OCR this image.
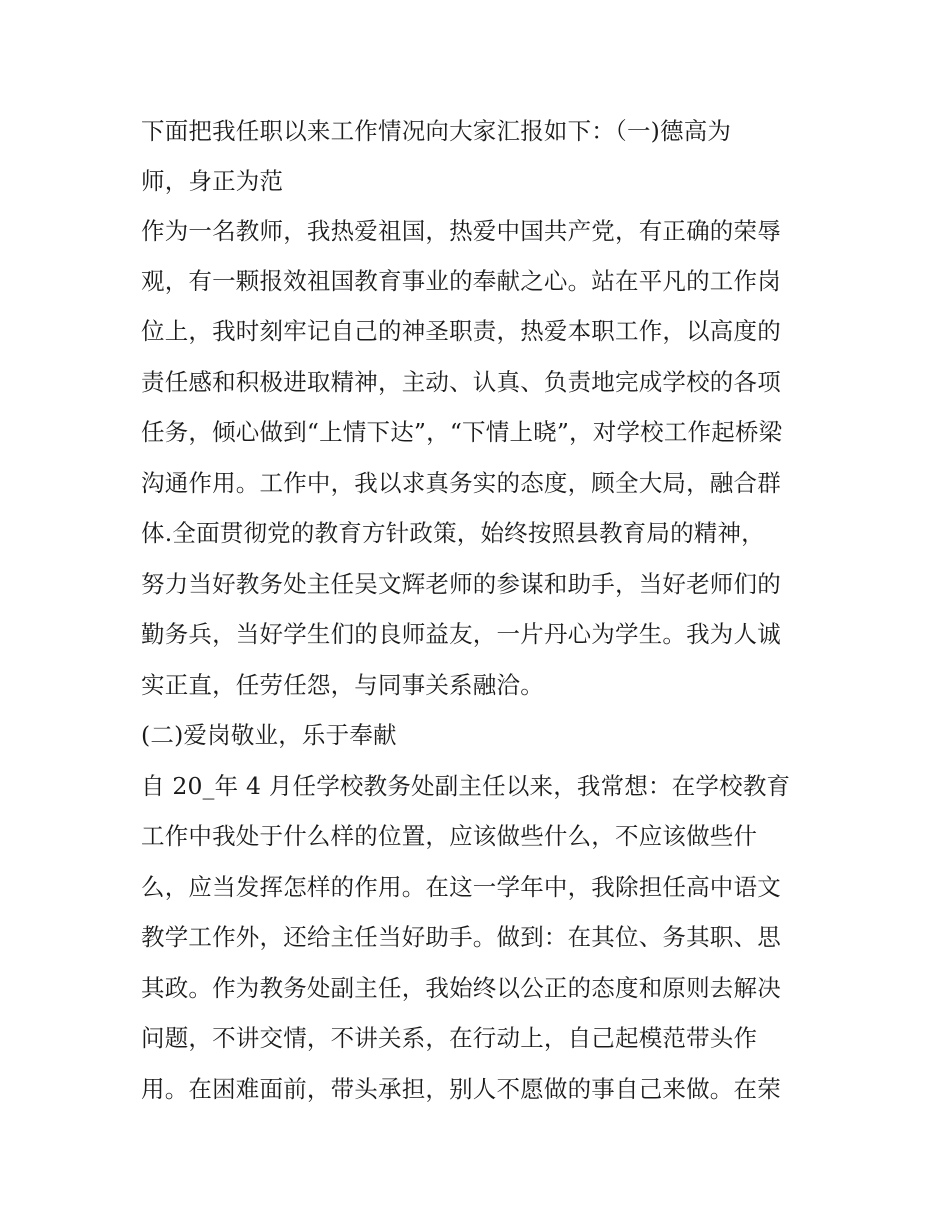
下面把我任职以来工作情况向大家汇报如下：（一)德高为
师，身正为范
作为一名教师，我热爱祖国，热爱中国共产党，有正确的荣辱
观，有一颗报效祖国教育事业的奉献之心。站在平凡的工作岗
位上，我时刻牢记自己的神圣职责，热爱本职工作，以高度的
责任感和积极进取精神，主动、认真、负责地完成学校的各项
任务，倾心做到“上情下达”，“下情上晓”，对学校工作起桥梁
沟通作用。工作中，我以求真务实的态度，顾全大局，融合群
体.全面贯彻党的教育方针政策，始终按照县教育局的精神，
努力当好教务处主任吴文辉老师的参谋和助手，当好老师们的
勤务兵，当好学生们的良师益友，一片丹心为学生。我为人诚
实正直，任劳任怨，与同事关系融洽。
(二)爱岗敬业，乐于奉献
自 20_年 4 月任学校教务处副主任以来，我常想：在学校教育
工作中我处于什么样的位置，应该做些什么，不应该做些什
么，应当发挥怎样的作用。在这一学年中，我除担任高中语文
教学工作外，还给主任当好助手。做到：在其位、务其职、思
其政。作为教务处副主任，我始终以公正的态度和原则去解决
问题，不讲交情，不讲关系，在行动上，自己起模范带头作
用。在困难面前，带头承担，别人不愿做的事自己来做。在荣
